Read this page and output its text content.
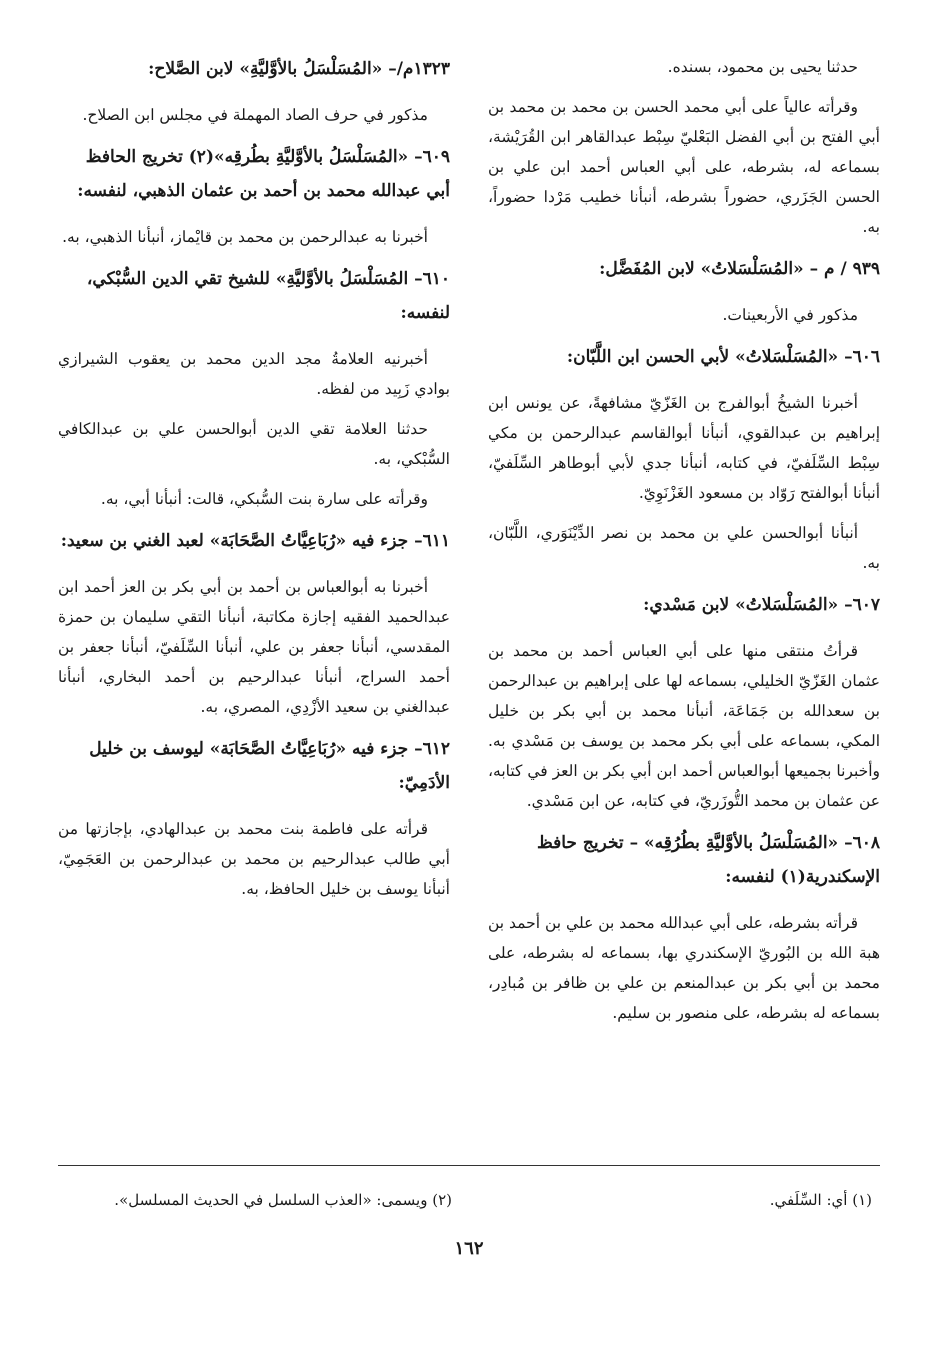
حدثنا يحيى بن محمود، بسنده.

وقرأته عالياً على أبي محمد الحسن بن محمد بن محمد بن أبي الفتح بن أبي الفضل البَعْليّ سِبْط عبدالقاهر ابن القُرَيْشة، بسماعه له، بشرطه، على أبي العباس أحمد ابن علي بن الحسن الجَزَري، حضوراً بشرطه، أنبأنا خطيب مَرْدا حضوراً، به.

٩٣٩ / م – «المُسَلْسَلاتُ» لابن المُفَضَّل:

مذكور في الأربعينات.

٦٠٦– «المُسَلْسَلاتُ» لأبي الحسن ابن اللَّبّان:

أخبرنا الشيخُ أبوالفرج بن الغَزّيّ مشافهةً، عن يونس ابن إبراهيم بن عبدالقوي، أنبأنا أبوالقاسم عبدالرحمن بن مكي سِبْط السِّلَفيّ، في كتابه، أنبأنا جدي لأبي أبوطاهر السِّلَفيّ، أنبأنا أبوالفتح رَوّاد بن مسعود الغَزْنَوِيّ.

أنبأنا أبوالحسن علي بن محمد بن نصر الدِّيْنَوَري، اللَّبّان، به.

٦٠٧– «المُسَلْسَلاتُ» لابن مَسْدي:

قرأتُ منتقى منها على أبي العباس أحمد بن محمد بن عثمان الغَزّيّ الخليلي، بسماعه لها على إبراهيم بن عبدالرحمن بن سعدالله بن جَمَاعَة، أنبأنا محمد بن أبي بكر بن خليل المكي، بسماعه على أبي بكر محمد بن يوسف بن مَسْدي به. وأخبرنا بجميعها أبوالعباس أحمد ابن أبي بكر بن العز في كتابه، عن عثمان بن محمد التُّوزَريّ، في كتابه، عن ابن مَسْدي.

٦٠٨– «المُسَلْسَلُ بالأوَّليَّةِ بطُرُقِه» – تخريج حافظ الإسكندرية(١) لنفسه:

قرأته بشرطه، على أبي عبدالله محمد بن علي بن أحمد بن هبة الله بن البُوريّ الإسكندري بها، بسماعه له بشرطه، على محمد بن أبي بكر بن عبدالمنعم بن علي بن ظافر بن مُبادِر، بسماعه له بشرطه، على منصور بن سليم.

١٣٢٣م/– «المُسَلْسَلُ بالأوَّليَّةِ» لابن الصَّلاح:

مذكور في حرف الصاد المهملة في مجلس ابن الصلاح.

٦٠٩– «المُسَلْسَلُ بالأوَّليَّةِ بطُرقِه»(٢) تخريج الحافظ أبي عبدالله محمد بن أحمد بن عثمان الذهبي، لنفسه:

أخبرنا به عبدالرحمن بن محمد بن قايْماز، أنبأنا الذهبي، به.

٦١٠– المُسَلْسَلُ بالأوَّليَّةِ» للشيخ تقي الدين السُّبْكي، لنفسه:

أخبرنيه العلامةُ مجد الدين محمد بن يعقوب الشيرازي بوادي زَبِيد من لفظه.

حدثنا العلامة تقي الدين أبوالحسن علي بن عبدالكافي السُّبْكي، به.

وقرأته على سارة بنت السُّبكي، قالت: أنبأنا أبي، به.

٦١١– جزء فيه «رُبَاعِيَّاتُ الصَّحَابَة» لعبد الغني بن سعيد:

أخبرنا به أبوالعباس بن أحمد بن أبي بكر بن العز أحمد ابن عبدالحميد الفقيه إجازة مكاتبة، أنبأنا التقي سليمان بن حمزة المقدسي، أنبأنا جعفر بن علي، أنبأنا السِّلَفيّ، أنبأنا جعفر بن أحمد السراج، أنبأنا عبدالرحيم بن أحمد البخاري، أنبأنا عبدالغني بن سعيد الأزْدِي، المصري، به.

٦١٢– جزء فيه «رُبَاعِيَّاتُ الصَّحَابَة» ليوسف بن خليل الأدَمِيّ:

قرأته على فاطمة بنت محمد بن عبدالهادي، بإجازتها من أبي طالب عبدالرحيم بن محمد بن عبدالرحمن بن العَجَمِيّ، أنبأنا يوسف بن خليل الحافظ، به.

(١) أي: السِّلَفي.
(٢) ويسمى: «العذب السلسل في الحديث المسلسل».
١٦٢
